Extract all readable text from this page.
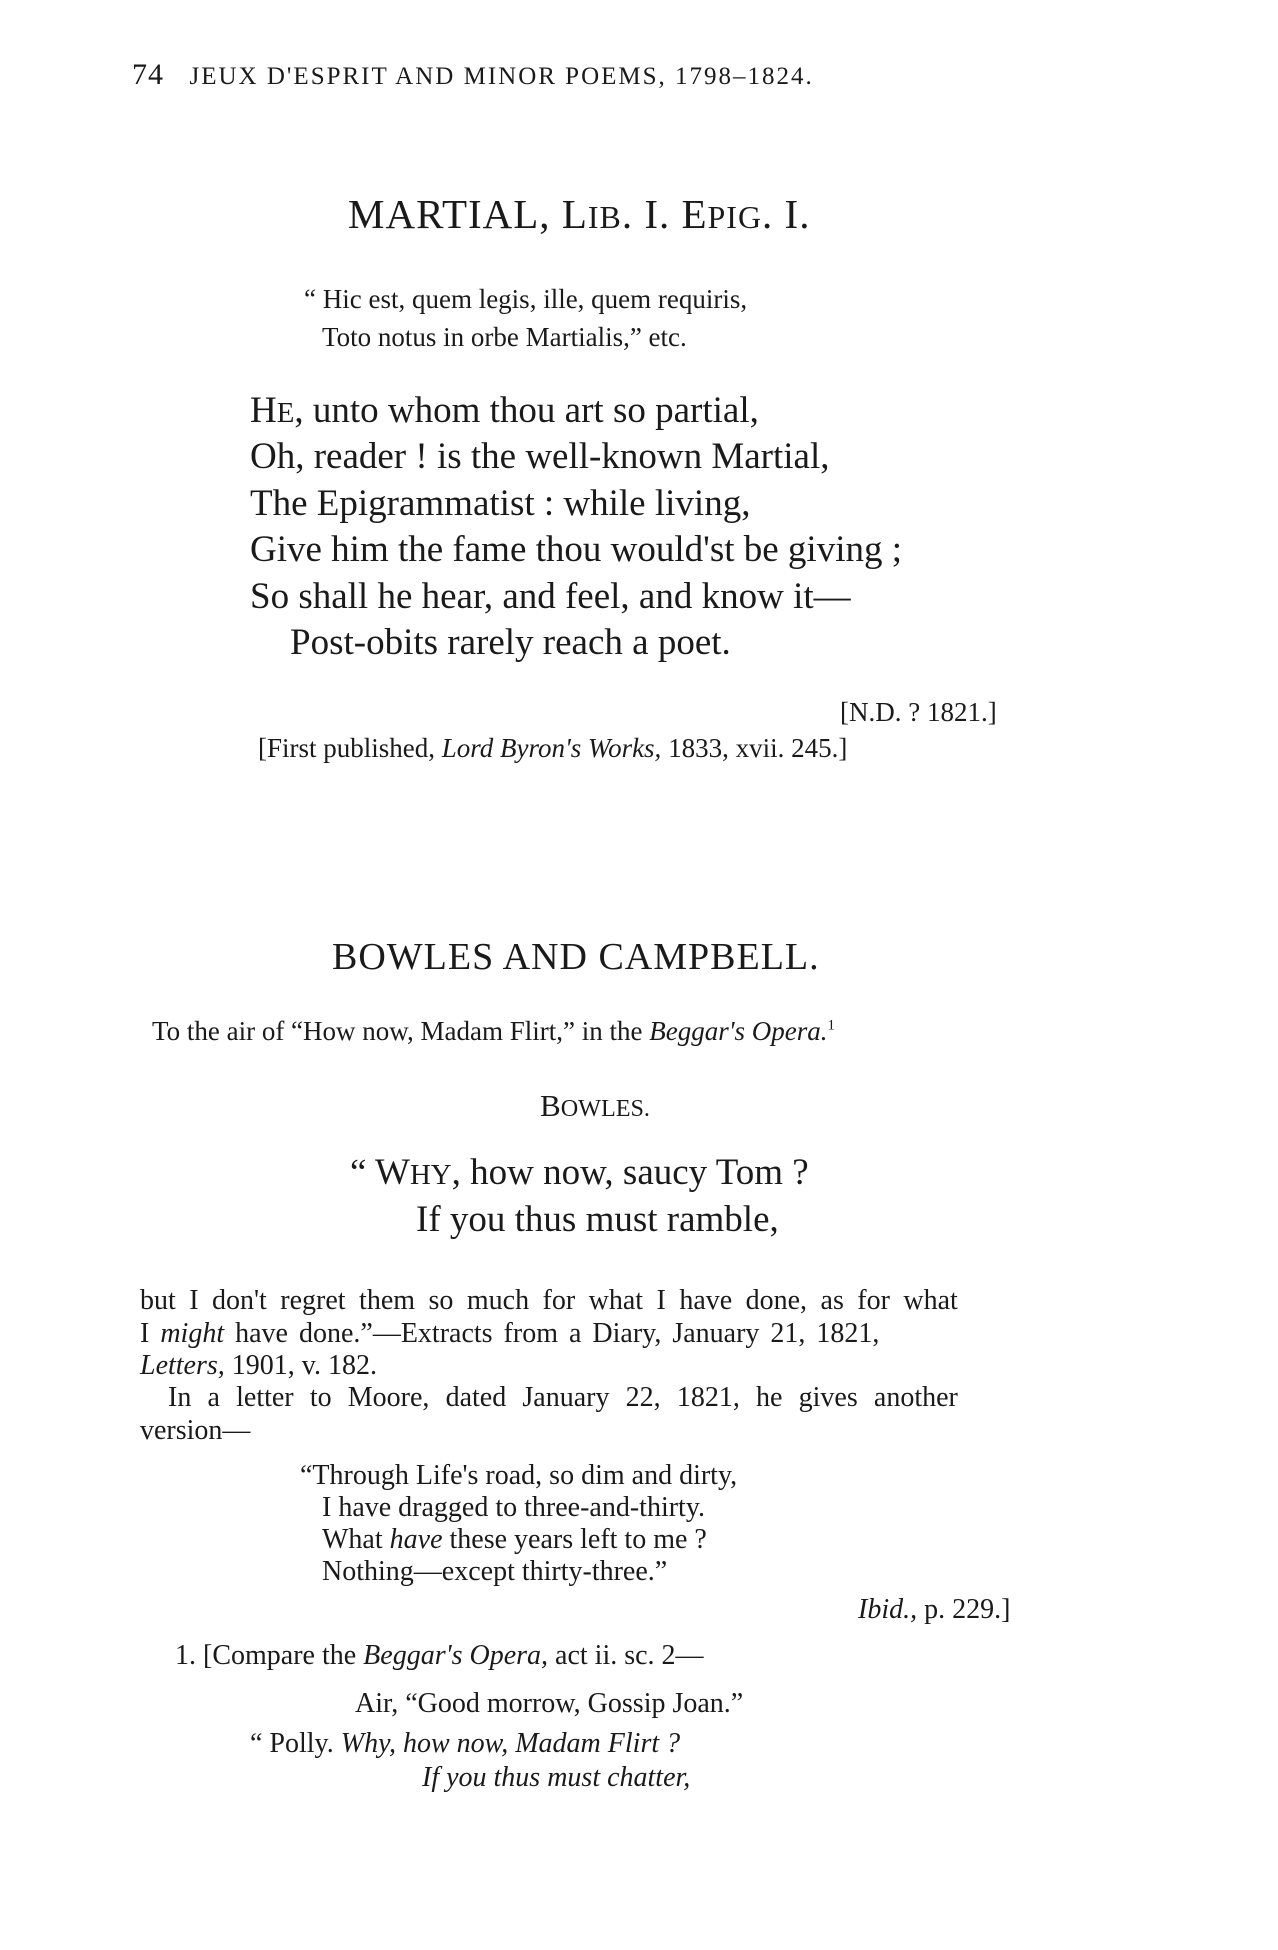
74 JEUX D'ESPRIT AND MINOR POEMS, 1798–1824.
MARTIAL, LIB. I. EPIG. I.
“ Hic est, quem legis, ille, quem requiris,
Toto notus in orbe Martialis,” etc.
HE, unto whom thou art so partial,
Oh, reader ! is the well-known Martial,
The Epigrammatist : while living,
Give him the fame thou would'st be giving ;
So shall he hear, and feel, and know it—
Post-obits rarely reach a poet.
[N.D. ? 1821.]
[First published, Lord Byron's Works, 1833, xvii. 245.]
BOWLES AND CAMPBELL.
To the air of “How now, Madam Flirt,” in the Beggar's Opera.$^1$
BOWLES.
“ WHY, how now, saucy Tom ?
If you thus must ramble,
but I don't regret them so much for what I have done, as for what
I might have done.”—Extracts from a Diary, January 21, 1821,
Letters, 1901, v. 182.
In a letter to Moore, dated January 22, 1821, he gives another
version—
“Through Life's road, so dim and dirty,
I have dragged to three-and-thirty.
What have these years left to me ?
Nothing—except thirty-three.”
Ibid., p. 229.]
1. [Compare the Beggar's Opera, act ii. sc. 2—
Air, “Good morrow, Gossip Joan.”
“ Polly. Why, how now, Madam Flirt ?
If you thus must chatter,
